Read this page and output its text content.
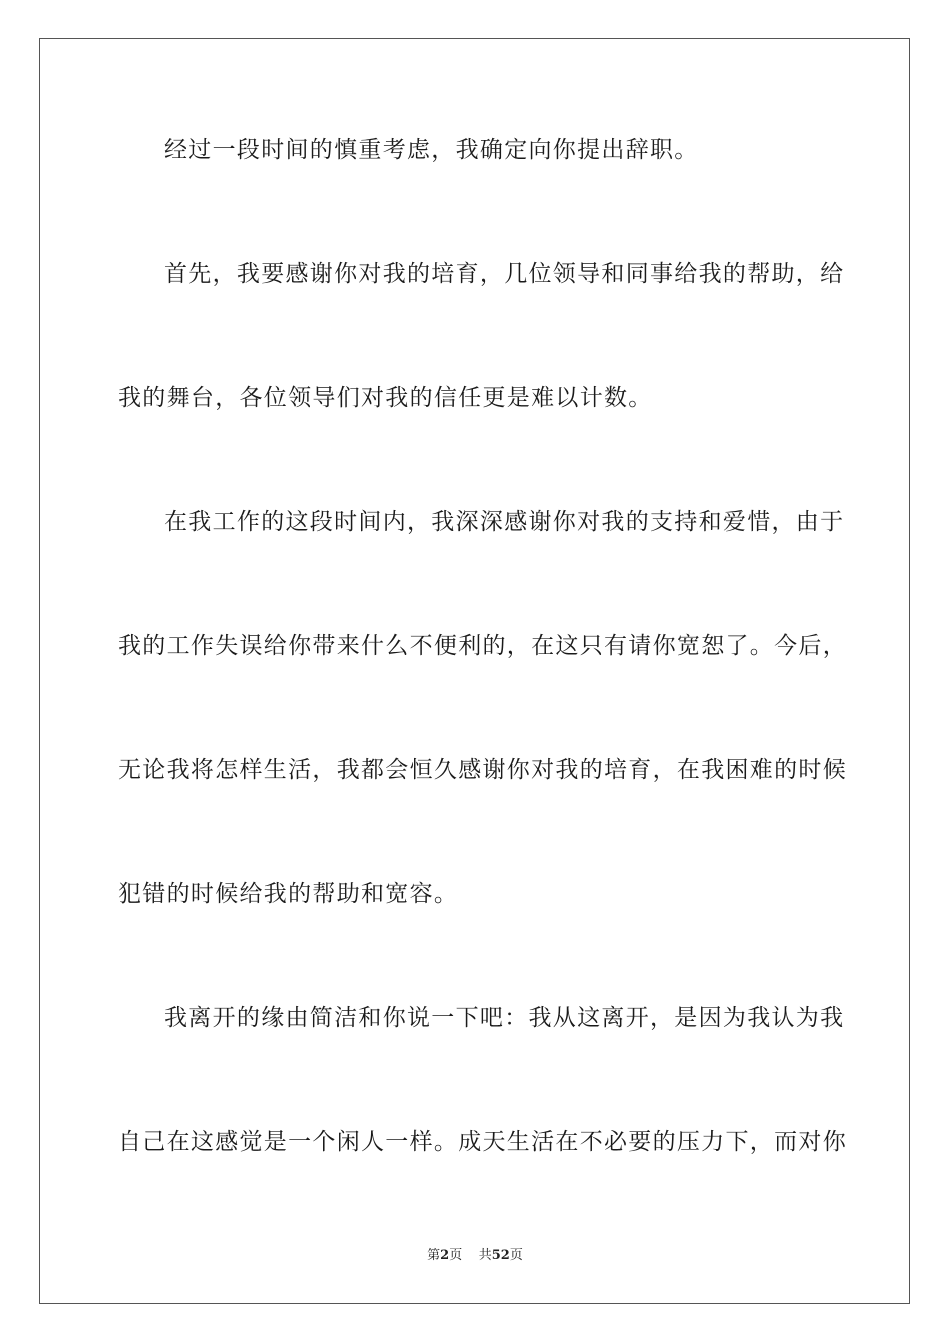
经过一段时间的慎重考虑，我确定向你提出辞职。
首先，我要感谢你对我的培育，几位领导和同事给我的帮助，给
我的舞台，各位领导们对我的信任更是难以计数。
在我工作的这段时间内，我深深感谢你对我的支持和爱惜，由于
我的工作失误给你带来什么不便利的，在这只有请你宽恕了。今后，
无论我将怎样生活，我都会恒久感谢你对我的培育，在我困难的时候
犯错的时候给我的帮助和宽容。
我离开的缘由简洁和你说一下吧：我从这离开，是因为我认为我
自己在这感觉是一个闲人一样。成天生活在不必要的压力下，而对你
第2页 共52页
